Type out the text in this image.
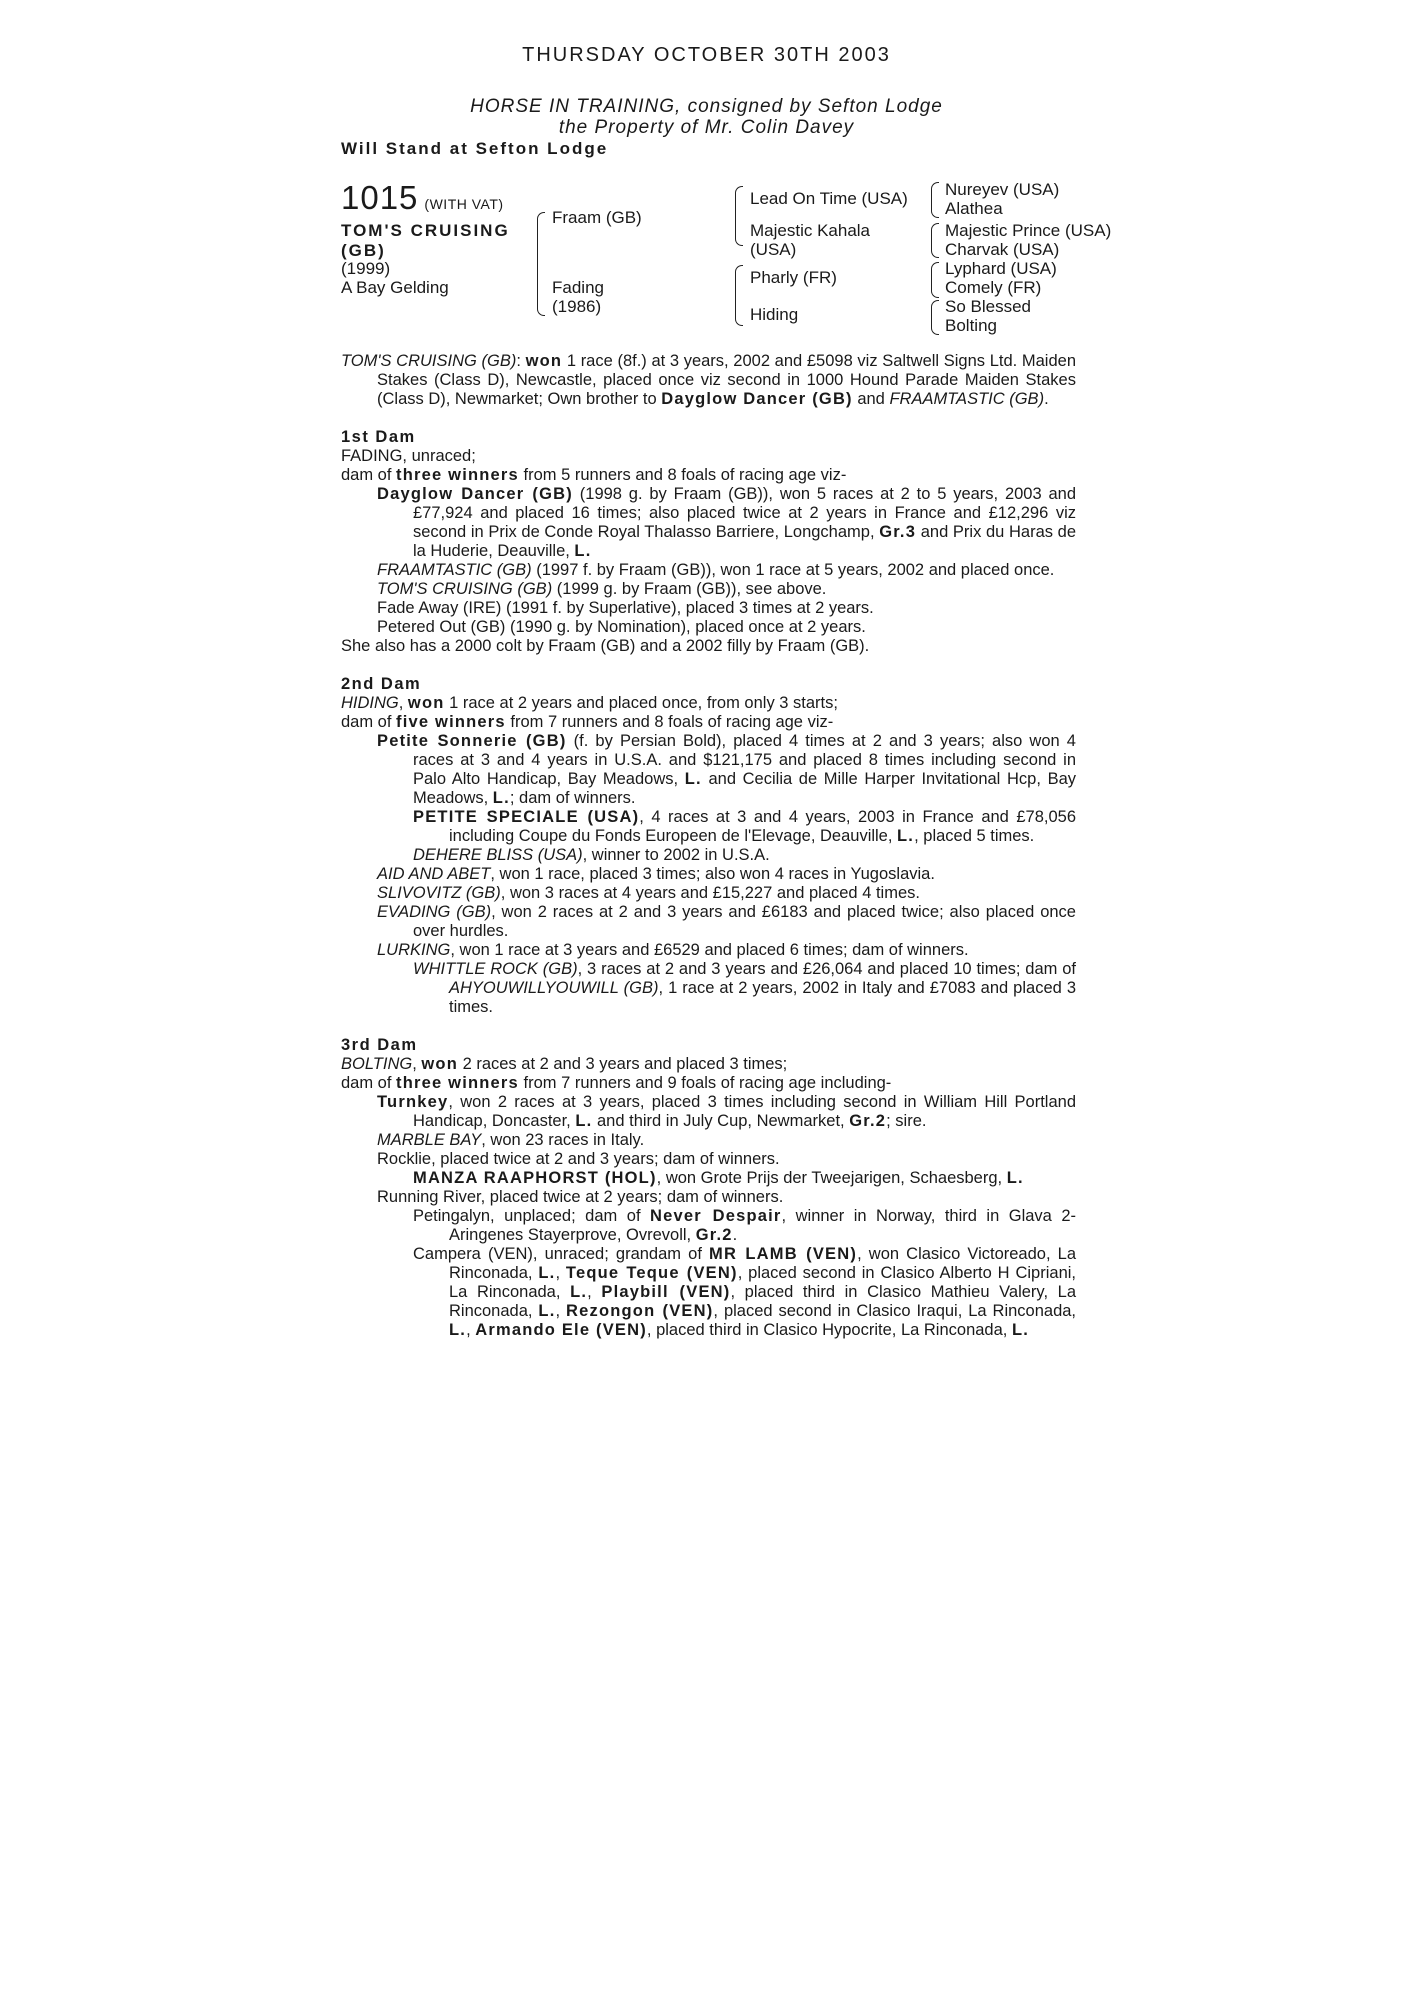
THURSDAY OCTOBER 30TH 2003
HORSE IN TRAINING, consigned by Sefton Lodge
the Property of Mr. Colin Davey
Will Stand at Sefton Lodge
1015 (WITH VAT)
TOM'S CRUISING
(GB)
(1999)
A Bay Gelding
Fraam (GB)
Fading
(1986)
Lead On Time (USA)
Majestic Kahala
(USA)
Pharly (FR)
Hiding
Nureyev (USA)
Alathea
Majestic Prince (USA)
Charvak (USA)
Lyphard (USA)
Comely (FR)
So Blessed
Bolting

TOM'S CRUISING (GB): won 1 race (8f.) at 3 years, 2002 and £5098 viz Saltwell Signs Ltd. Maiden Stakes (Class D), Newcastle, placed once viz second in 1000 Hound Parade Maiden Stakes (Class D), Newmarket; Own brother to Dayglow Dancer (GB) and FRAAMTASTIC (GB).

1st Dam

FADING, unraced;

dam of three winners from 5 runners and 8 foals of racing age viz-

Dayglow Dancer (GB) (1998 g. by Fraam (GB)), won 5 races at 2 to 5 years, 2003 and £77,924 and placed 16 times; also placed twice at 2 years in France and £12,296 viz second in Prix de Conde Royal Thalasso Barriere, Longchamp, Gr.3 and Prix du Haras de la Huderie, Deauville, L.

FRAAMTASTIC (GB) (1997 f. by Fraam (GB)), won 1 race at 5 years, 2002 and placed once.

TOM'S CRUISING (GB) (1999 g. by Fraam (GB)), see above.

Fade Away (IRE) (1991 f. by Superlative), placed 3 times at 2 years.

Petered Out (GB) (1990 g. by Nomination), placed once at 2 years.

She also has a 2000 colt by Fraam (GB) and a 2002 filly by Fraam (GB).

2nd Dam

HIDING, won 1 race at 2 years and placed once, from only 3 starts;

dam of five winners from 7 runners and 8 foals of racing age viz-

Petite Sonnerie (GB) (f. by Persian Bold), placed 4 times at 2 and 3 years; also won 4 races at 3 and 4 years in U.S.A. and $121,175 and placed 8 times including second in Palo Alto Handicap, Bay Meadows, L. and Cecilia de Mille Harper Invitational Hcp, Bay Meadows, L.; dam of winners.

PETITE SPECIALE (USA), 4 races at 3 and 4 years, 2003 in France and £78,056 including Coupe du Fonds Europeen de l'Elevage, Deauville, L., placed 5 times.

DEHERE BLISS (USA), winner to 2002 in U.S.A.

AID AND ABET, won 1 race, placed 3 times; also won 4 races in Yugoslavia.

SLIVOVITZ (GB), won 3 races at 4 years and £15,227 and placed 4 times.

EVADING (GB), won 2 races at 2 and 3 years and £6183 and placed twice; also placed once over hurdles.

LURKING, won 1 race at 3 years and £6529 and placed 6 times; dam of winners.

WHITTLE ROCK (GB), 3 races at 2 and 3 years and £26,064 and placed 10 times; dam of AHYOUWILLYOUWILL (GB), 1 race at 2 years, 2002 in Italy and £7083 and placed 3 times.

3rd Dam

BOLTING, won 2 races at 2 and 3 years and placed 3 times;

dam of three winners from 7 runners and 9 foals of racing age including-

Turnkey, won 2 races at 3 years, placed 3 times including second in William Hill Portland Handicap, Doncaster, L. and third in July Cup, Newmarket, Gr.2; sire.

MARBLE BAY, won 23 races in Italy.

Rocklie, placed twice at 2 and 3 years; dam of winners.

MANZA RAAPHORST (HOL), won Grote Prijs der Tweejarigen, Schaesberg, L.

Running River, placed twice at 2 years; dam of winners.

Petingalyn, unplaced; dam of Never Despair, winner in Norway, third in Glava 2-Aringenes Stayerprove, Ovrevoll, Gr.2.

Campera (VEN), unraced; grandam of MR LAMB (VEN), won Clasico Victoreado, La Rinconada, L., Teque Teque (VEN), placed second in Clasico Alberto H Cipriani, La Rinconada, L., Playbill (VEN), placed third in Clasico Mathieu Valery, La Rinconada, L., Rezongon (VEN), placed second in Clasico Iraqui, La Rinconada, L., Armando Ele (VEN), placed third in Clasico Hypocrite, La Rinconada, L.
